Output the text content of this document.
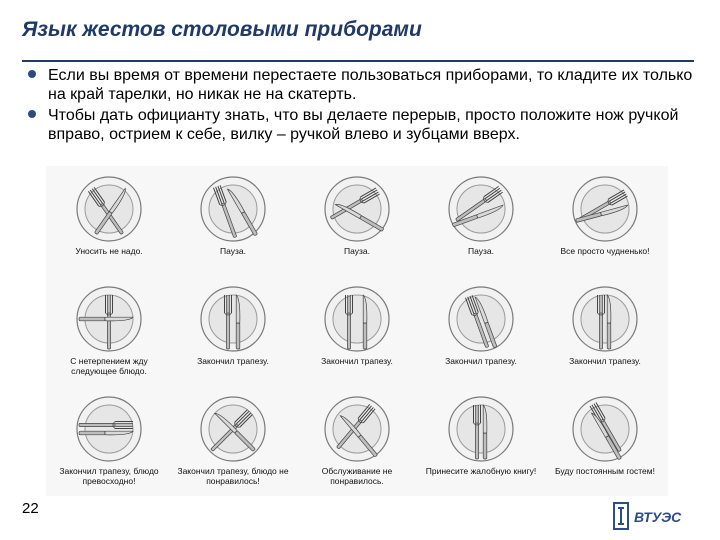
Язык жестов столовыми приборами
Если вы время от времени перестаете пользоваться приборами, то кладите их только на край тарелки, но никак не на скатерть.
Чтобы дать официанту знать, что вы делаете перерыв, просто положите нож ручкой вправо, острием к себе, вилку – ручкой влево и зубцами вверх.
Уносить не надо.	Пауза.	Пауза.	Пауза.	Все просто чудненько!
С нетерпением жду следующее блюдо.
Закончил трапезу.	Закончил трапезу.	Закончил трапезу.	Закончил трапезу.
Закончил трапезу, блюдо превосходно!
Закончил трапезу, блюдо не понравилось!
Обслуживание не понравилось.
Принесите жалобную книгу!	Буду постоянным гостем!
22	ВТУЭС
